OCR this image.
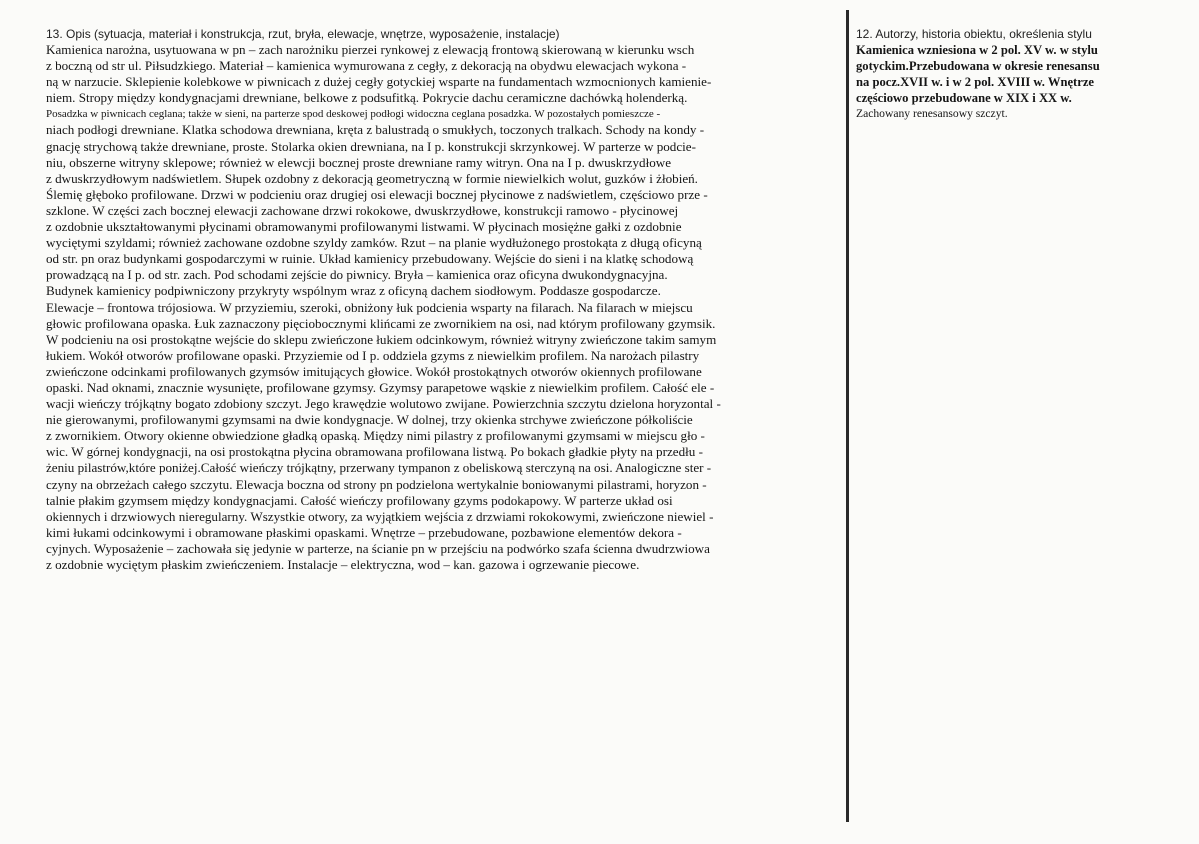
13. Opis (sytuacja, materiał i konstrukcja, rzut, bryła, elewacje, wnętrze, wyposażenie, instalacje)
Kamienica narożna, usytuowana w pn – zach narożniku pierzei rynkowej z elewacją frontową skierowaną w kierunku wsch
z boczną od str ul. Piłsudzkiego. Materiał – kamienica wymurowana z cegły, z dekoracją na obydwu elewacjach wykona -
ną w narzucie. Sklepienie kolebkowe w piwnicach z dużej cegły gotyckiej wsparte na fundamentach wzmocnionych kamienie-
niem. Stropy między kondygnacjami drewniane, belkowe z podsufitką. Pokrycie dachu ceramiczne dachówką holenderką.
Posadzka w piwnicach ceglana; także w sieni, na parterze spod deskowej podłogi widoczna ceglana posadzka. W pozostałych pomieszcze -
niach podłogi drewniane. Klatka schodowa drewniana, kręta z balustradą o smukłych, toczonych tralkach. Schody na kondy -
gnację strychową także drewniane, proste. Stolarka okien drewniana, na I p. konstrukcji skrzynkowej. W parterze w podcie-
niu, obszerne witryny sklepowe; również w elewcji bocznej proste drewniane ramy witryn. Ona na I p. dwuskrzydłowe
z dwuskrzydłowym nadświetlem. Słupek ozdobny z dekoracją geometryczną w formie niewielkich wolut, guzków i żłobień.
Ślemię głęboko profilowane. Drzwi w podcieniu oraz drugiej osi elewacji bocznej płycinowe z nadświetlem, częściowo prze -
szklone. W części zach bocznej elewacji zachowane drzwi rokokowe, dwuskrzydłowe, konstrukcji ramowo - płycinowej
z ozdobnie ukształtowanymi płycinami obramowanymi profilowanymi listwami. W płycinach mosiężne gałki z ozdobnie
wyciętymi szyldami; również zachowane ozdobne szyldy zamków. Rzut – na planie wydłużonego prostokąta z długą oficyną
od str. pn oraz budynkami gospodarczymi w ruinie. Układ kamienicy przebudowany. Wejście do sieni i na klatkę schodową
prowadzącą na I p. od str. zach. Pod schodami zejście do piwnicy. Bryła – kamienica oraz oficyna dwukondygnacyjna.
Budynek kamienicy podpiwniczony przykryty wspólnym wraz z oficyną dachem siodłowym. Poddasze gospodarcze.
Elewacje – frontowa trójosiowa. W przyziemiu, szeroki, obniżony łuk podcienia wsparty na filarach. Na filarach w miejscu
głowic profilowana opaska. Łuk zaznaczony pięciobocznymi klińcami ze zwornikiem na osi, nad którym profilowany gzymsik.
W podcieniu na osi prostokątne wejście do sklepu zwieńczone łukiem odcinkowym, również witryny zwieńczone takim samym
łukiem. Wokół otworów profilowane opaski. Przyziemie od I p. oddziela gzyms z niewielkim profilem. Na narożach pilastry
zwieńczone odcinkami profilowanych gzymsów imitujących głowice. Wokół prostokątnych otworów okiennych profilowane
opaski. Nad oknami, znacznie wysunięte, profilowane gzymsy. Gzymsy parapetowe wąskie z niewielkim profilem. Całość ele -
wacji wieńczy trójkątny bogato zdobiony szczyt. Jego krawędzie wolutowo zwijane. Powierzchnia szczytu dzielona horyzontal -
nie gierowanymi, profilowanymi gzymsami na dwie kondygnacje. W dolnej, trzy okienka strchywe zwieńczone półkoliście
z zwornikiem. Otwory okienne obwiedzione gładką opaską. Między nimi pilastry z profilowanymi gzymsami w miejscu gło -
wic. W górnej kondygnacji, na osi prostokątna płycina obramowana profilowana listwą. Po bokach gładkie płyty na przedłu -
żeniu pilastrów,które poniżej.Całość wieńczy trójkątny, przerwany tympanon z obeliskową sterczyną na osi. Analogiczne ster -
czyny na obrzeżach całego szczytu. Elewacja boczna od strony pn podzielona wertykalnie boniowanymi pilastrami, horyzon -
talnie płakim gzymsem między kondygnacjami. Całość wieńczy profilowany gzyms podokapowy. W parterze układ osi
okiennych i drzwiowych nieregularny. Wszystkie otwory, za wyjątkiem wejścia z drzwiami rokokowymi, zwieńczone niewiel -
kimi łukami odcinkowymi i obramowane płaskimi opaskami. Wnętrze – przebudowane, pozbawione elementów dekora -
cyjnych. Wyposażenie – zachowała się jedynie w parterze, na ścianie pn w przejściu na podwórko szafa ścienna dwudrzwiowa
z ozdobnie wyciętym płaskim zwieńczeniem. Instalacje – elektryczna, wod – kan. gazowa i ogrzewanie piecowe.
12. Autorzy, historia obiektu, określenia stylu
Kamienica wzniesiona w 2 pol. XV w. w stylu
gotyckim.Przebudowana w okresie renesansu
na pocz.XVII w. i w 2 pol. XVIII w. Wnętrze
częściowo przebudowane w XIX i XX w.
Zachowany renesansowy szczyt.
